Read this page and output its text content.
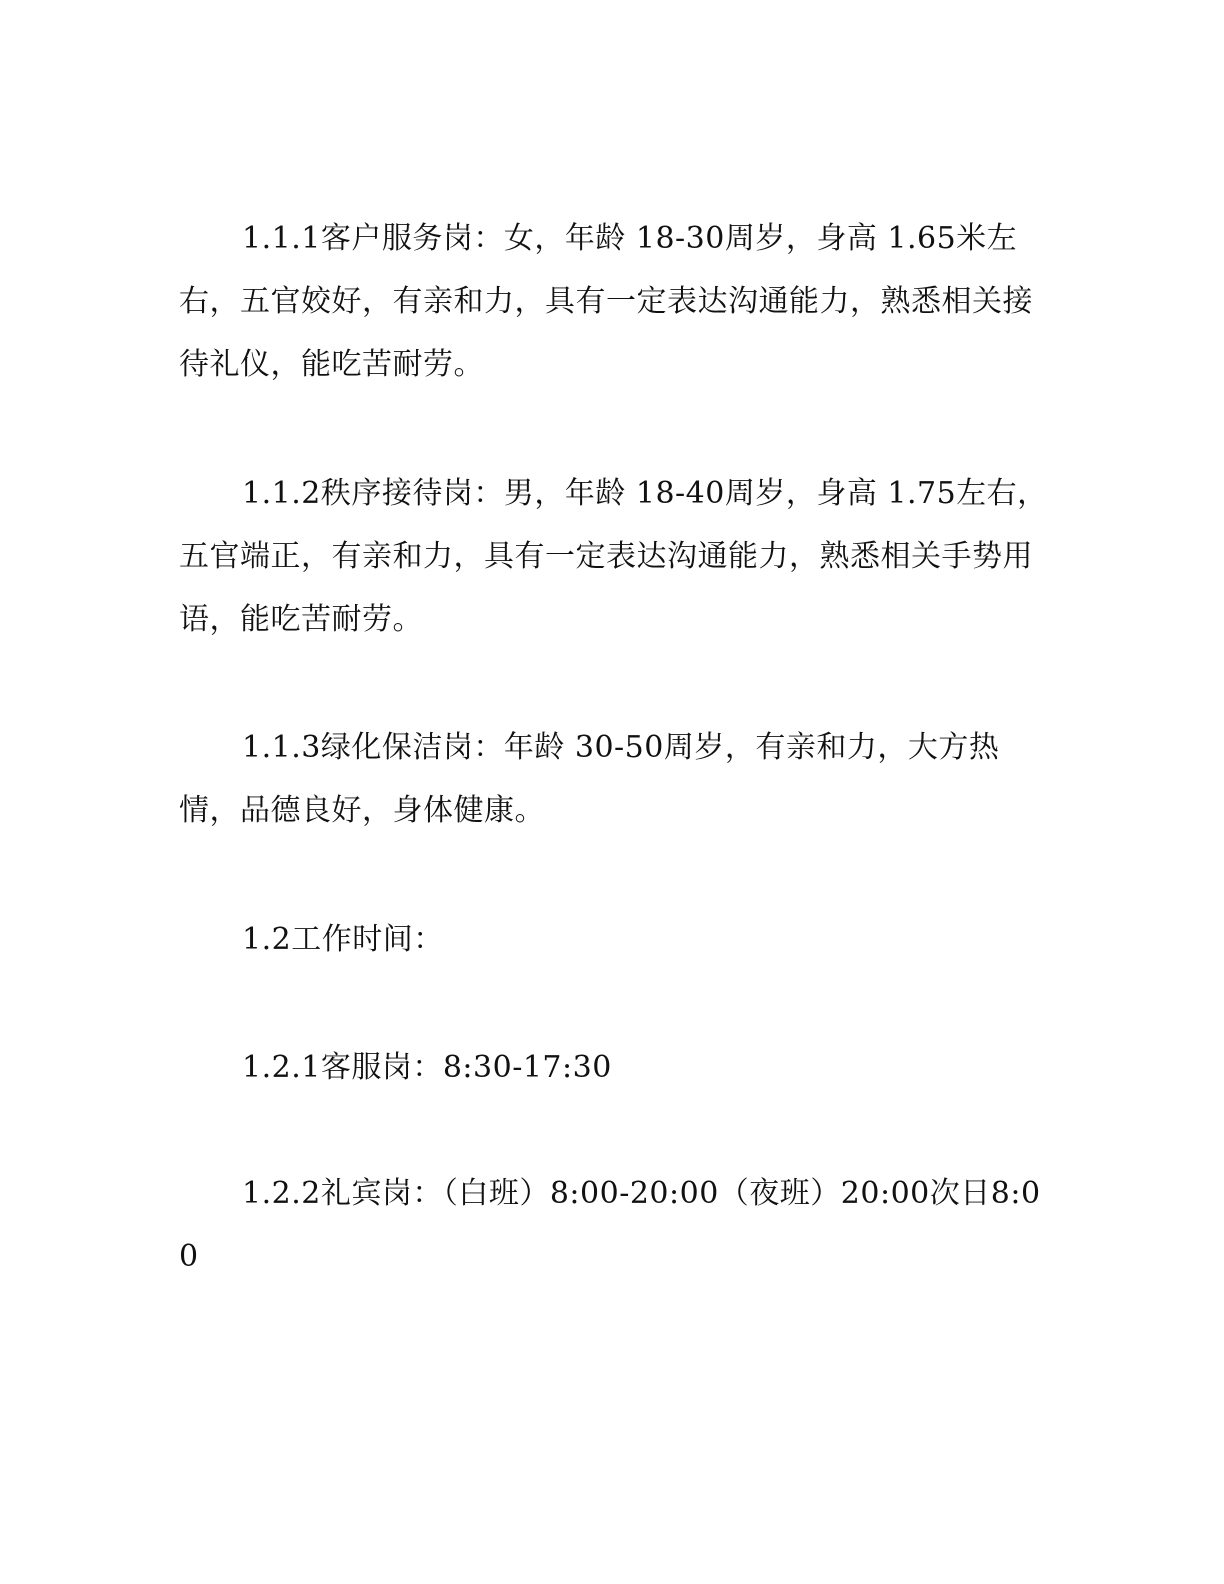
1.1.1客户服务岗：女，年龄 18-30周岁，身高 1.65米左右，五官姣好，有亲和力，具有一定表达沟通能力，熟悉相关接待礼仪，能吃苦耐劳。

1.1.2秩序接待岗：男，年龄 18-40周岁，身高 1.75左右，五官端正，有亲和力，具有一定表达沟通能力，熟悉相关手势用语，能吃苦耐劳。

1.1.3绿化保洁岗：年龄 30-50周岁，有亲和力，大方热情，品德良好，身体健康。

1.2工作时间：

1.2.1客服岗：8:30-17:30

1.2.2礼宾岗：（白班）8:00-20:00（夜班）20:00次日8:00
